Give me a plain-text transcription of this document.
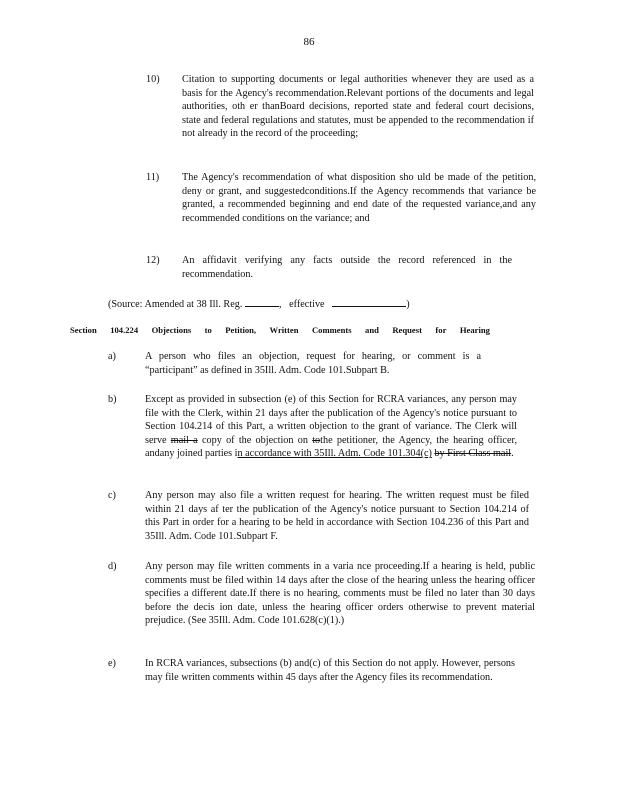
86
10) Citation to supporting documents or legal authorities whenever they are used as a basis for the Agency's recommendation.Relevant portions of the documents and legal authorities, oth er thanBoard decisions, reported state and federal court decisions, state and federal regulations and statutes, must be appended to the recommendation if not already in the record of the proceeding;

11) The Agency's recommendation of what disposition sho uld be made of the petition, deny or grant, and suggestedconditions.If the Agency recommends that variance be granted, a recommended beginning and end date of the requested variance,and any recommended conditions on the variance; and

12) An affidavit verifying any facts outside the record referenced in the recommendation.

(Source: Amended at 38 Ill. Reg.	, effective	)
Section 104.224 Objections to Petition, Written Comments and Request for Hearing
a)	A person who files an objection, request for hearing, or comment is a “participant” as defined in 35Ill. Adm. Code 101.Subpart B.

b)	Except as provided in subsection (e) of this Section for RCRA variances, any person may file with the Clerk, within 21 days after the publication of the Agency's notice pursuant to Section 104.214 of this Part, a written objection to the grant of variance. The Clerk will serve mail a copy of the objection on tothe petitioner, the Agency, the hearing officer, andany joined parties in accordance with 35Ill. Adm. Code 101.304(c) by First Class mail.

c)	Any person may also file a written request for hearing. The written request must be filed within 21 days af ter the publication of the Agency's notice pursuant to Section 104.214 of this Part in order for a hearing to be held in accordance with Section 104.236 of this Part and 35Ill. Adm. Code 101.Subpart F.

d)	Any person may file written comments in a varia nce proceeding.If a hearing is held, public comments must be filed within 14 days after the close of the hearing unless the hearing officer specifies a different date.If there is no hearing, comments must be filed no later than 30 days before the decis ion date, unless the hearing officer orders otherwise to prevent material prejudice. (See 35Ill. Adm. Code 101.628(c)(1).)

e)	In RCRA variances, subsections (b) and(c) of this Section do not apply. However, persons may file written comments within 45 days after the Agency files its recommendation.
